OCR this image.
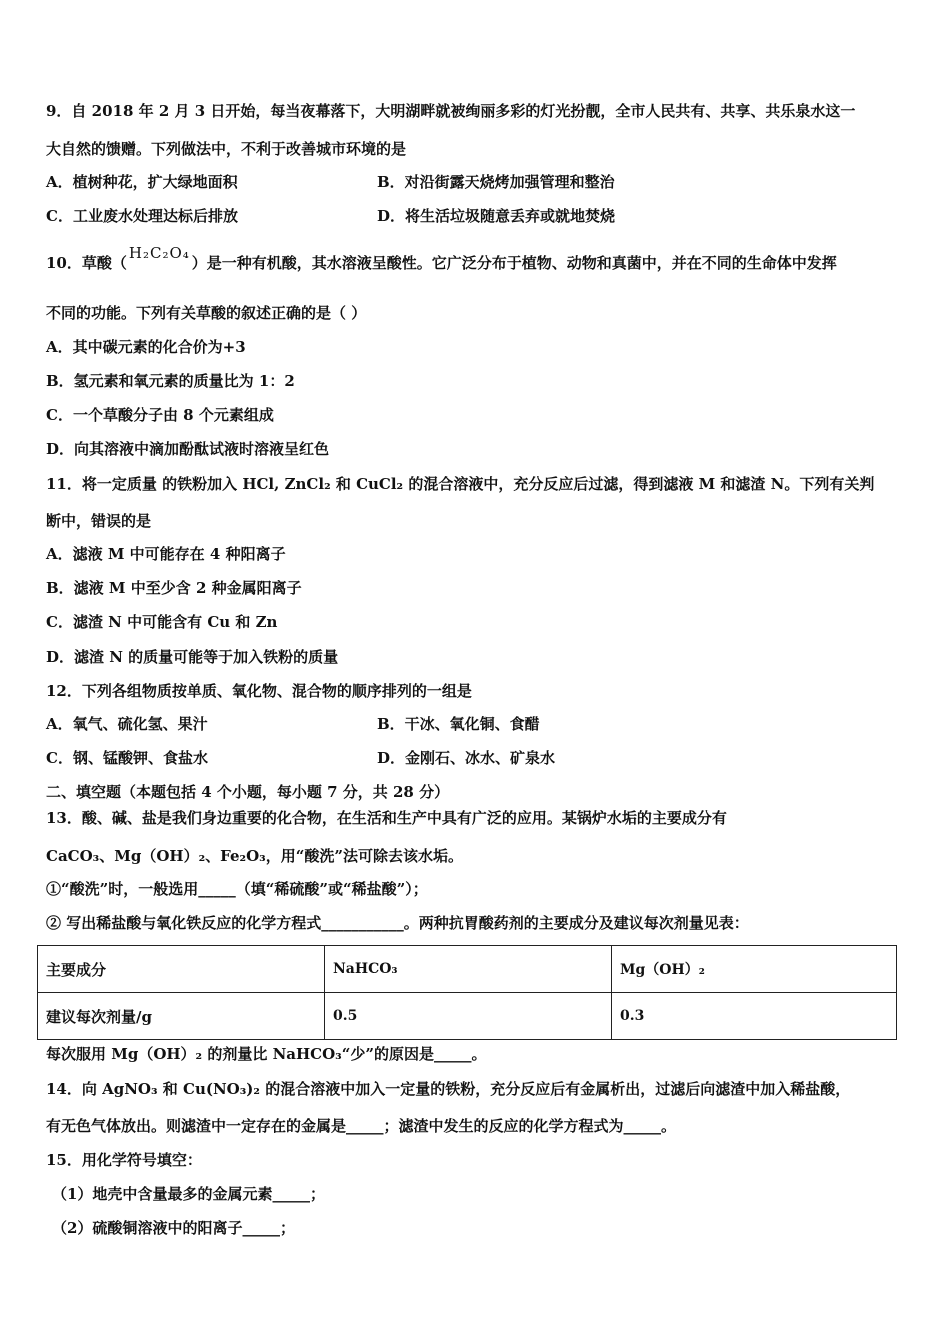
9．自 2018 年 2 月 3 日开始，每当夜幕落下，大明湖畔就被绚丽多彩的灯光扮靓，全市人民共有、共享、共乐泉水这一
大自然的馈赠。下列做法中，不利于改善城市环境的是
A．植树种花，扩大绿地面积	B．对沿街露天烧烤加强管理和整治
C．工业废水处理达标后排放	D．将生活垃圾随意丢弃或就地焚烧
10．草酸（H₂C₂O₄）是一种有机酸，其水溶液呈酸性。它广泛分布于植物、动物和真菌中，并在不同的生命体中发挥
不同的功能。下列有关草酸的叙述正确的是（ ）
A．其中碳元素的化合价为+3
B．氢元素和氧元素的质量比为 1：2
C．一个草酸分子由 8 个元素组成
D．向其溶液中滴加酚酞试液时溶液呈红色
11．将一定质量 的铁粉加入 HCl, ZnCl₂ 和 CuCl₂ 的混合溶液中，充分反应后过滤，得到滤液 M 和滤渣 N。下列有关判
断中，错误的是
A．滤液 M 中可能存在 4 种阳离子
B．滤液 M 中至少含 2 种金属阳离子
C．滤渣 N 中可能含有 Cu 和 Zn
D．滤渣 N 的质量可能等于加入铁粉的质量
12．下列各组物质按单质、氧化物、混合物的顺序排列的一组是
A．氧气、硫化氢、果汁	B．干冰、氧化铜、食醋
C．钢、锰酸钾、食盐水	D．金刚石、冰水、矿泉水
二、填空题（本题包括 4 个小题，每小题 7 分，共 28 分）
13．酸、碱、盐是我们身边重要的化合物，在生活和生产中具有广泛的应用。某锅炉水垢的主要成分有
CaCO₃、Mg（OH）₂、Fe₂O₃，用“酸洗”法可除去该水垢。
①“酸洗”时，一般选用_____（填“稀硫酸”或“稀盐酸”）；
② 写出稀盐酸与氧化铁反应的化学方程式___________。两种抗胃酸药剂的主要成分及建议每次剂量见表：
主要成分	NaHCO₃	Mg（OH）₂
建议每次剂量/g	0.5	0.3
每次服用 Mg（OH）₂ 的剂量比 NaHCO₃“少”的原因是_____。
14．向 AgNO₃ 和 Cu(NO₃)₂ 的混合溶液中加入一定量的铁粉，充分反应后有金属析出，过滤后向滤渣中加入稀盐酸，
有无色气体放出。则滤渣中一定存在的金属是_____；滤渣中发生的反应的化学方程式为_____。
15．用化学符号填空：
（1）地壳中含量最多的金属元素_____；
（2）硫酸铜溶液中的阳离子_____；
